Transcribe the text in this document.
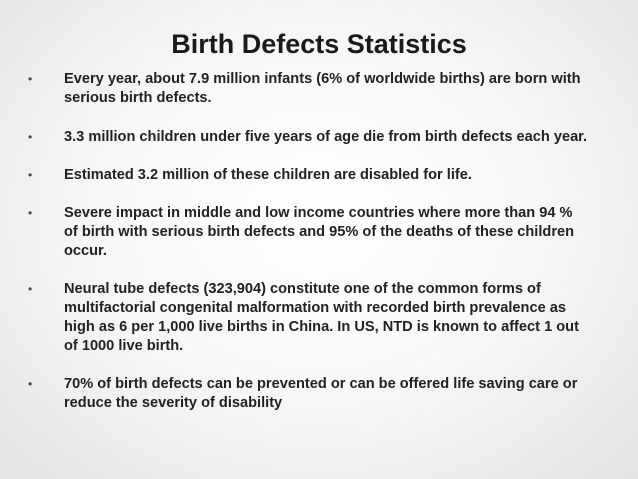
Birth Defects Statistics
•	Every year, about 7.9 million infants (6% of worldwide births) are born with serious birth defects.
•	3.3 million children under five years of age die from birth defects each year.
•	Estimated 3.2 million of these children are disabled for life.
•	Severe impact in middle and low income countries where more than 94 % of birth with serious birth defects and 95% of the deaths of these children occur.
•	Neural tube defects (323,904) constitute one of the common forms of multifactorial congenital malformation with recorded birth prevalence as high as 6 per 1,000 live births in China. In US, NTD is known to affect 1 out of 1000 live birth.
•	70% of birth defects can be prevented or can be offered life saving care or reduce the severity of disability
